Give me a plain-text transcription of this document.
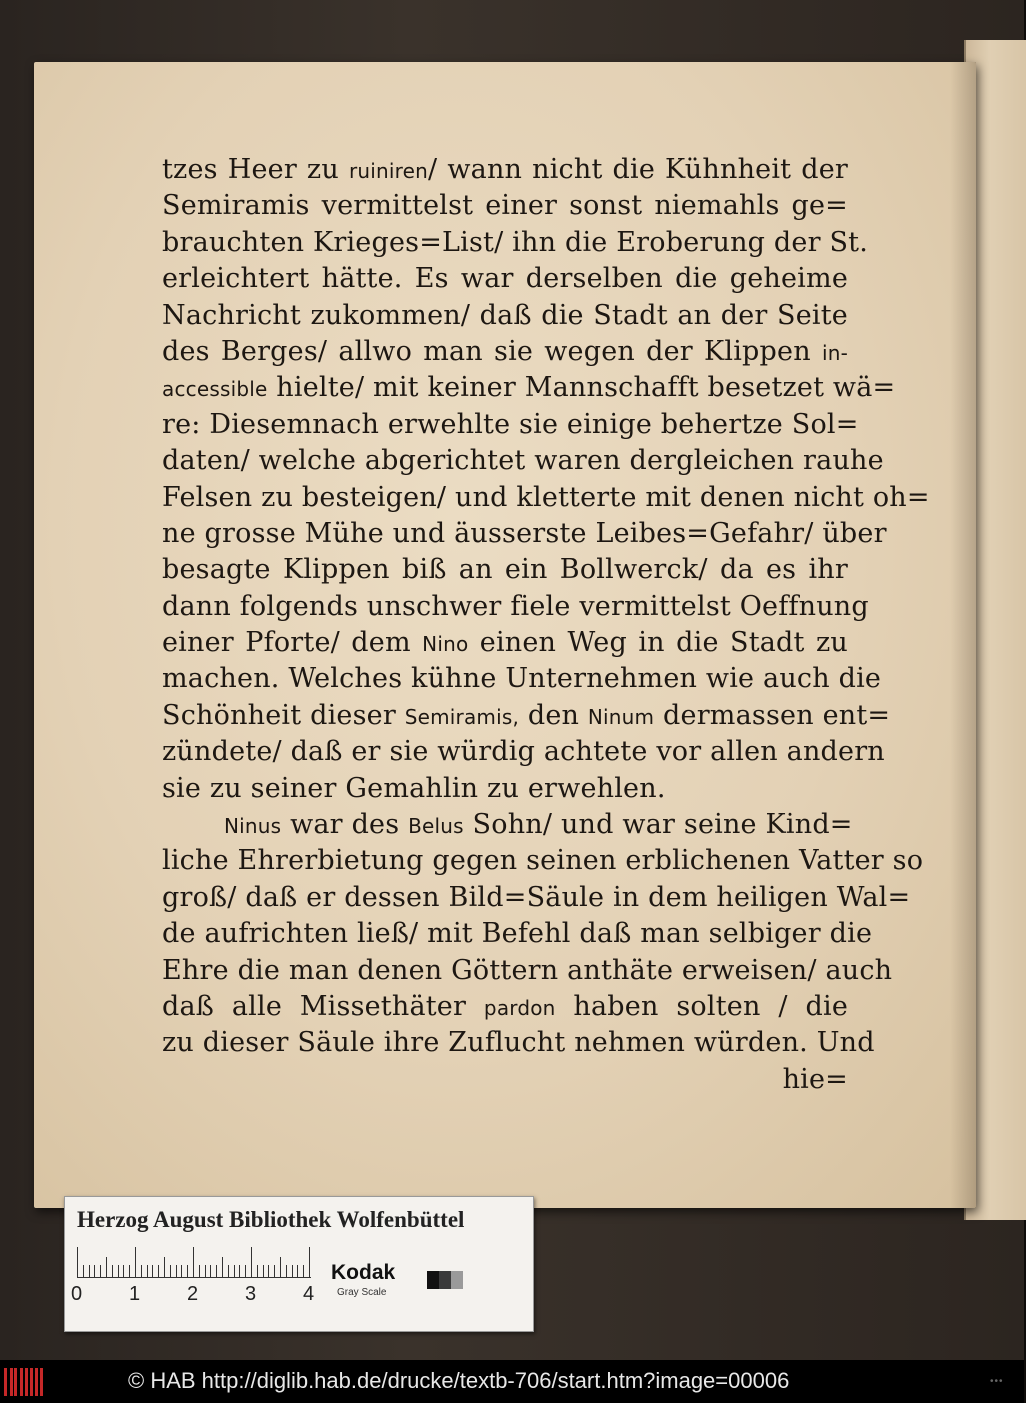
tzes Heer zu ruiniren/ wann nicht die Kühnheit der
Semiramis vermittelst einer sonst niemahls ge=
brauchten Krieges=List/ ihn die Eroberung der St.
erleichtert hätte. Es war derselben die geheime
Nachricht zukommen/ daß die Stadt an der Seite
des Berges/ allwo man sie wegen der Klippen in-
accessible hielte/ mit keiner Mannschafft besetzet wä=
re: Diesemnach erwehlte sie einige behertze Sol=
daten/ welche abgerichtet waren dergleichen rauhe
Felsen zu besteigen/ und kletterte mit denen nicht oh=
ne grosse Mühe und äusserste Leibes=Gefahr/ über
besagte Klippen biß an ein Bollwerck/ da es ihr
dann folgends unschwer fiele vermittelst Oeffnung
einer Pforte/ dem Nino einen Weg in die Stadt zu
machen. Welches kühne Unternehmen wie auch die
Schönheit dieser Semiramis, den Ninum dermassen ent=
zündete/ daß er sie würdig achtete vor allen andern
sie zu seiner Gemahlin zu erwehlen.
Ninus war des Belus Sohn/ und war seine Kind=
liche Ehrerbietung gegen seinen erblichenen Vatter so
groß/ daß er dessen Bild=Säule in dem heiligen Wal=
de aufrichten ließ/ mit Befehl daß man selbiger die
Ehre die man denen Göttern anthäte erweisen/ auch
daß alle Missethäter pardon haben solten / die
zu dieser Säule ihre Zuflucht nehmen würden. Und
hie=
Herzog August Bibliothek Wolfenbüttel
0 1 2 3 4
Kodak
Gray Scale
© HAB http://diglib.hab.de/drucke/textb-706/start.htm?image=00006	•••
